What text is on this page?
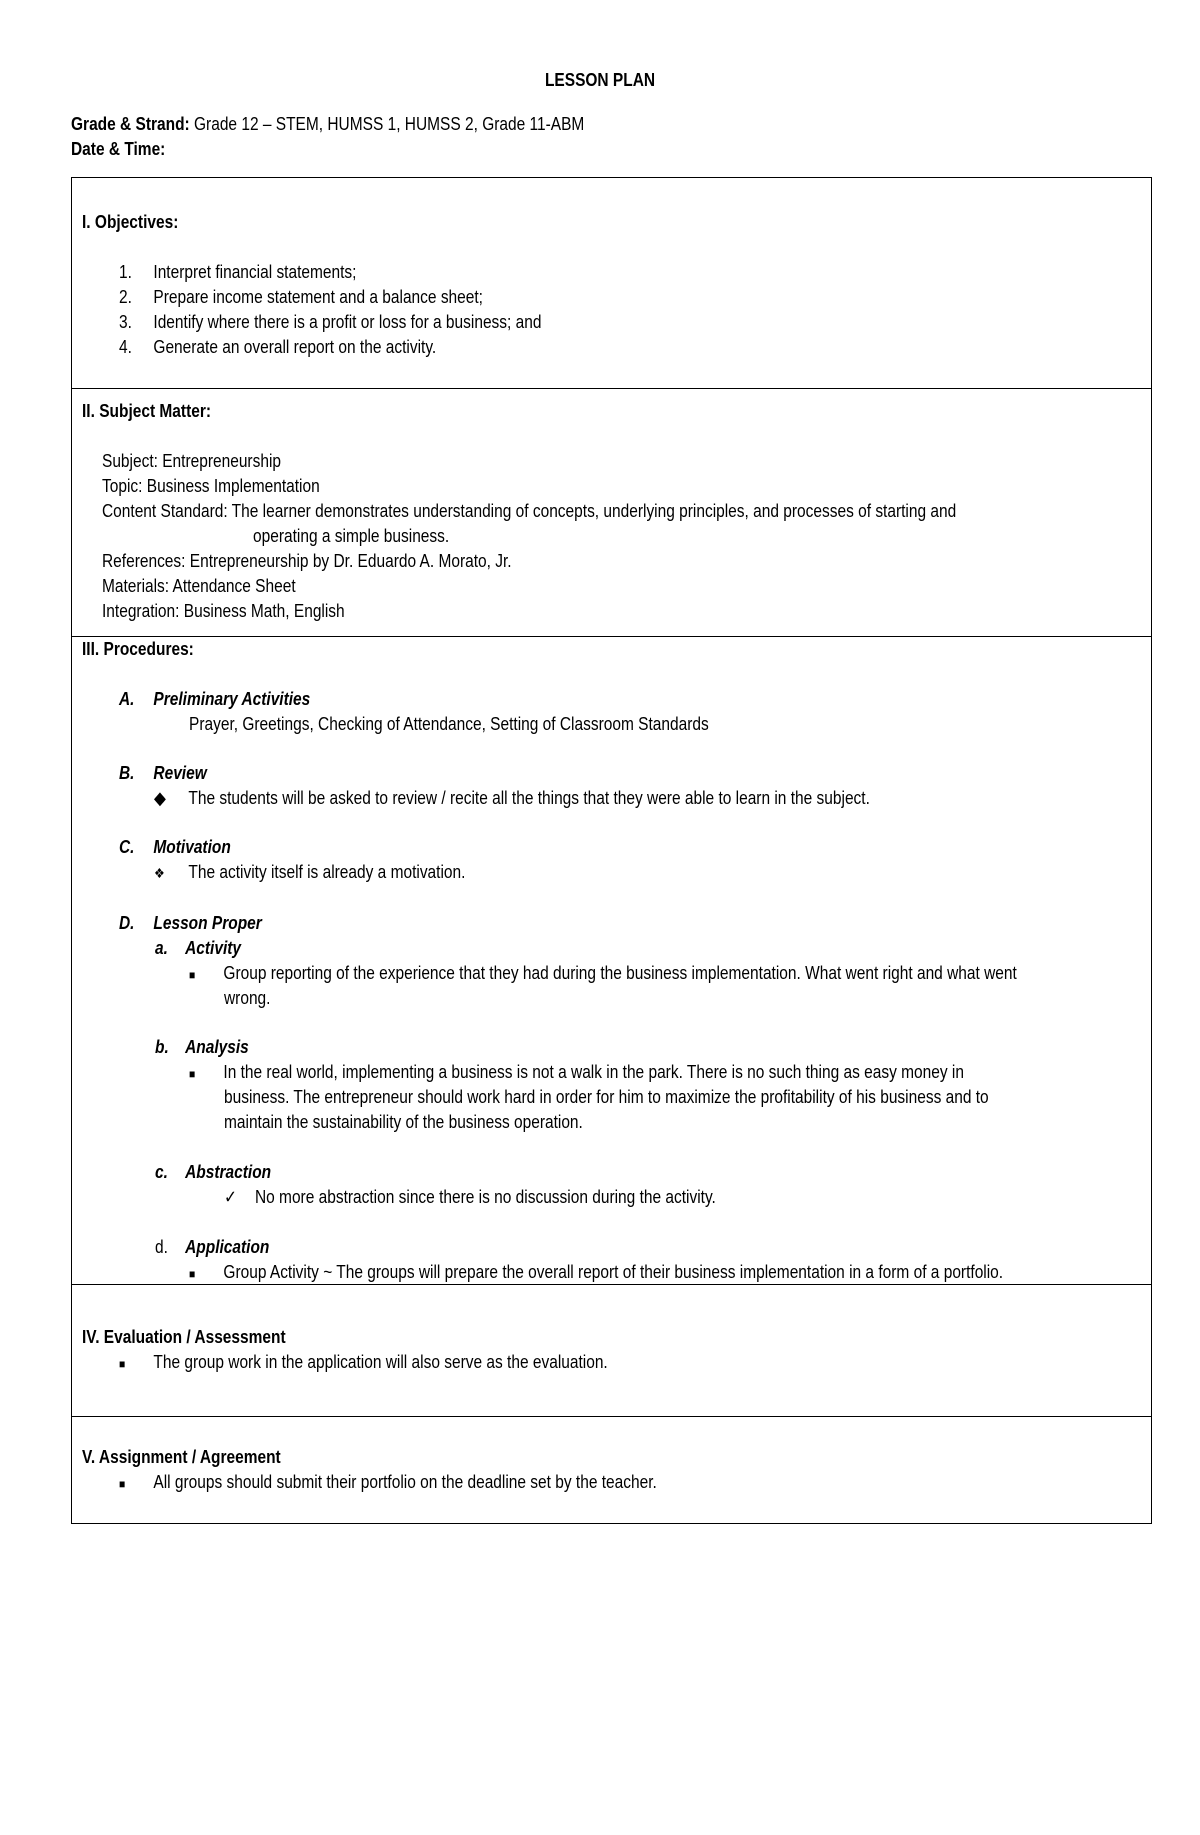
LESSON PLAN
Grade & Strand: Grade 12 – STEM, HUMSS 1, HUMSS 2, Grade 11-ABM
Date & Time:
I. Objectives:
1. Interpret financial statements;
2. Prepare income statement and a balance sheet;
3. Identify where there is a profit or loss for a business; and
4. Generate an overall report on the activity.
II. Subject Matter:
Subject: Entrepreneurship
Topic: Business Implementation
Content Standard: The learner demonstrates understanding of concepts, underlying principles, and processes of starting and
operating a simple business.
References: Entrepreneurship by Dr. Eduardo A. Morato, Jr.
Materials: Attendance Sheet
Integration: Business Math, English
III. Procedures:
A. Preliminary Activities
Prayer, Greetings, Checking of Attendance, Setting of Classroom Standards
B. Review
◆ The students will be asked to review / recite all the things that they were able to learn in the subject.
C. Motivation
❖ The activity itself is already a motivation.
D. Lesson Proper
a. Activity
■ Group reporting of the experience that they had during the business implementation. What went right and what went
wrong.
b. Analysis
■ In the real world, implementing a business is not a walk in the park. There is no such thing as easy money in
business. The entrepreneur should work hard in order for him to maximize the profitability of his business and to
maintain the sustainability of the business operation.
c. Abstraction
✓ No more abstraction since there is no discussion during the activity.
d. Application
■ Group Activity ~ The groups will prepare the overall report of their business implementation in a form of a portfolio.
IV. Evaluation / Assessment
■ The group work in the application will also serve as the evaluation.
V. Assignment / Agreement
■ All groups should submit their portfolio on the deadline set by the teacher.
